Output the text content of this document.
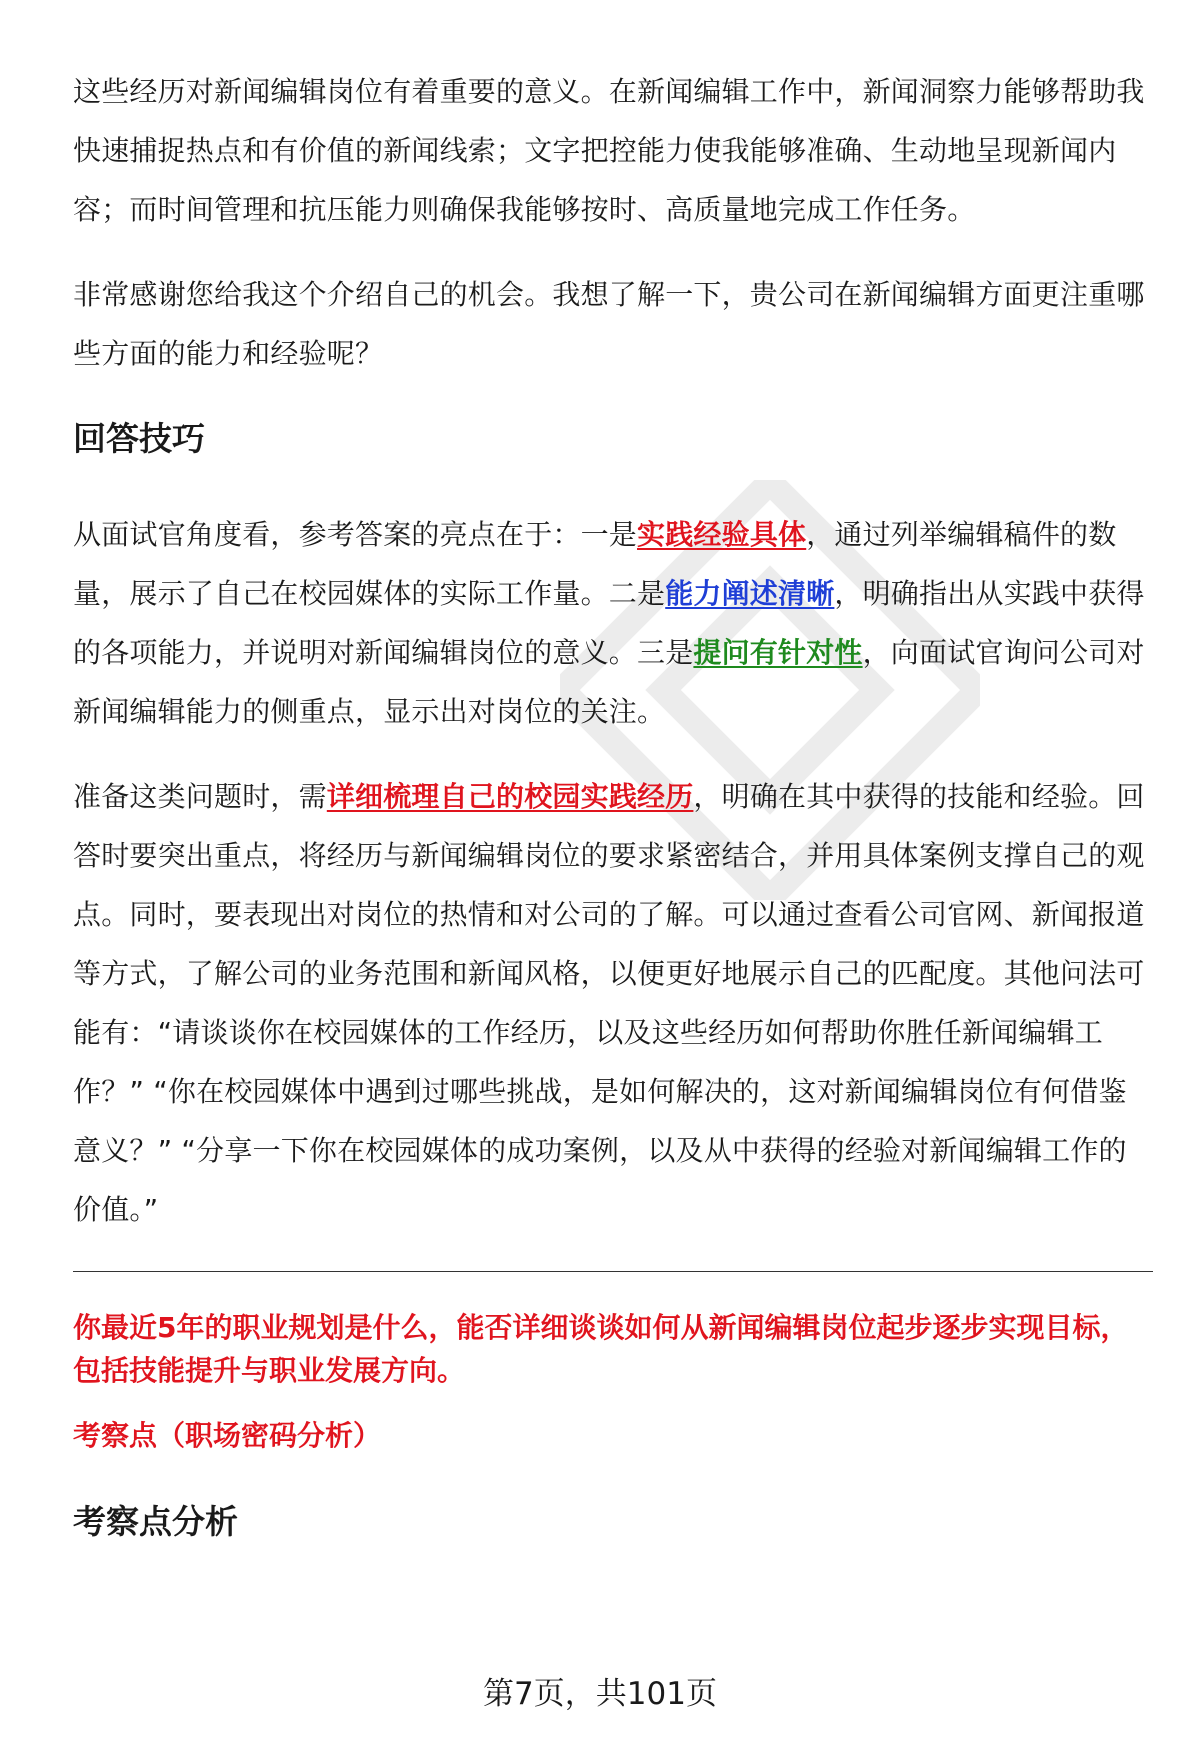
这些经历对新闻编辑岗位有着重要的意义。在新闻编辑工作中，新闻洞察力能够帮助我快速捕捉热点和有价值的新闻线索；文字把控能力使我能够准确、生动地呈现新闻内容；而时间管理和抗压能力则确保我能够按时、高质量地完成工作任务。

非常感谢您给我这个介绍自己的机会。我想了解一下，贵公司在新闻编辑方面更注重哪些方面的能力和经验呢？

回答技巧

从面试官角度看，参考答案的亮点在于：一是实践经验具体，通过列举编辑稿件的数量，展示了自己在校园媒体的实际工作量。二是能力阐述清晰，明确指出从实践中获得的各项能力，并说明对新闻编辑岗位的意义。三是提问有针对性，向面试官询问公司对新闻编辑能力的侧重点，显示出对岗位的关注。

准备这类问题时，需详细梳理自己的校园实践经历，明确在其中获得的技能和经验。回答时要突出重点，将经历与新闻编辑岗位的要求紧密结合，并用具体案例支撑自己的观点。同时，要表现出对岗位的热情和对公司的了解。可以通过查看公司官网、新闻报道等方式，了解公司的业务范围和新闻风格，以便更好地展示自己的匹配度。其他问法可能有：“请谈谈你在校园媒体的工作经历，以及这些经历如何帮助你胜任新闻编辑工作？” “你在校园媒体中遇到过哪些挑战，是如何解决的，这对新闻编辑岗位有何借鉴意义？” “分享一下你在校园媒体的成功案例，以及从中获得的经验对新闻编辑工作的价值。”

你最近5年的职业规划是什么，能否详细谈谈如何从新闻编辑岗位起步逐步实现目标，包括技能提升与职业发展方向。
考察点（职场密码分析）
考察点分析
第7页，共101页
